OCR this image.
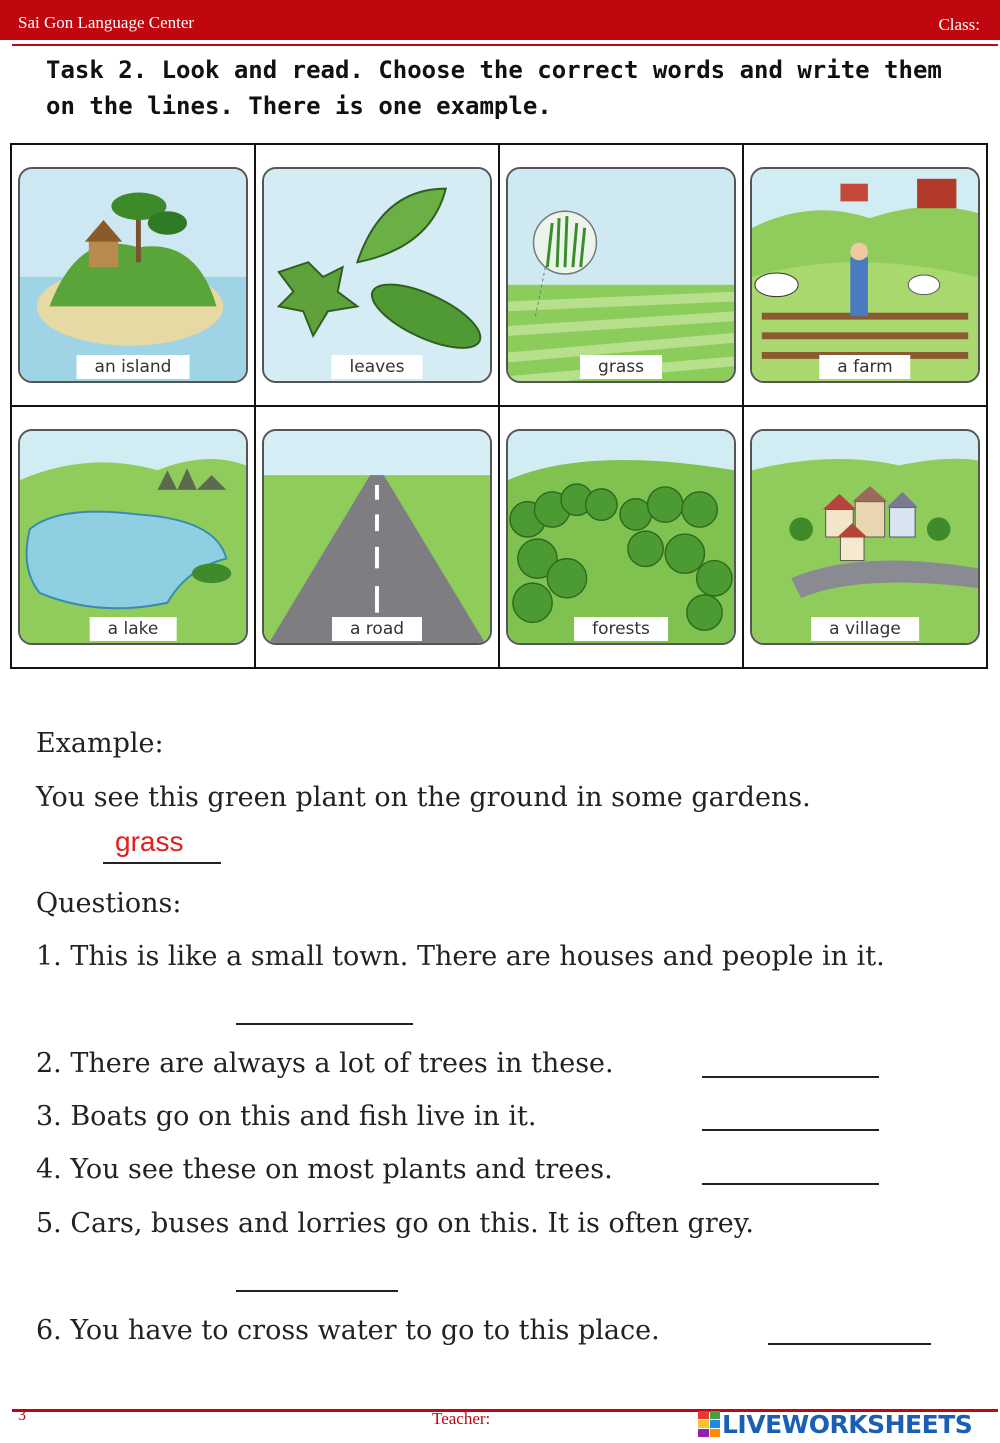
Sai Gon Language Center	Class:
Task 2. Look and read. Choose the correct words and write them on the lines. There is one example.
an island	leaves	grass	a farm

a lake	a road	forests	a village
Example:
You see this green plant on the ground in some gardens.
grass
Questions:
1. This is like a small town. There are houses and people in it.
2. There are always a lot of trees in these.
3. Boats go on this and fish live in it.
4. You see these on most plants and trees.
5. Cars, buses and lorries go on this. It is often grey.
6. You have to cross water to go to this place.
3	Teacher:	LIVEWORKSHEETS
